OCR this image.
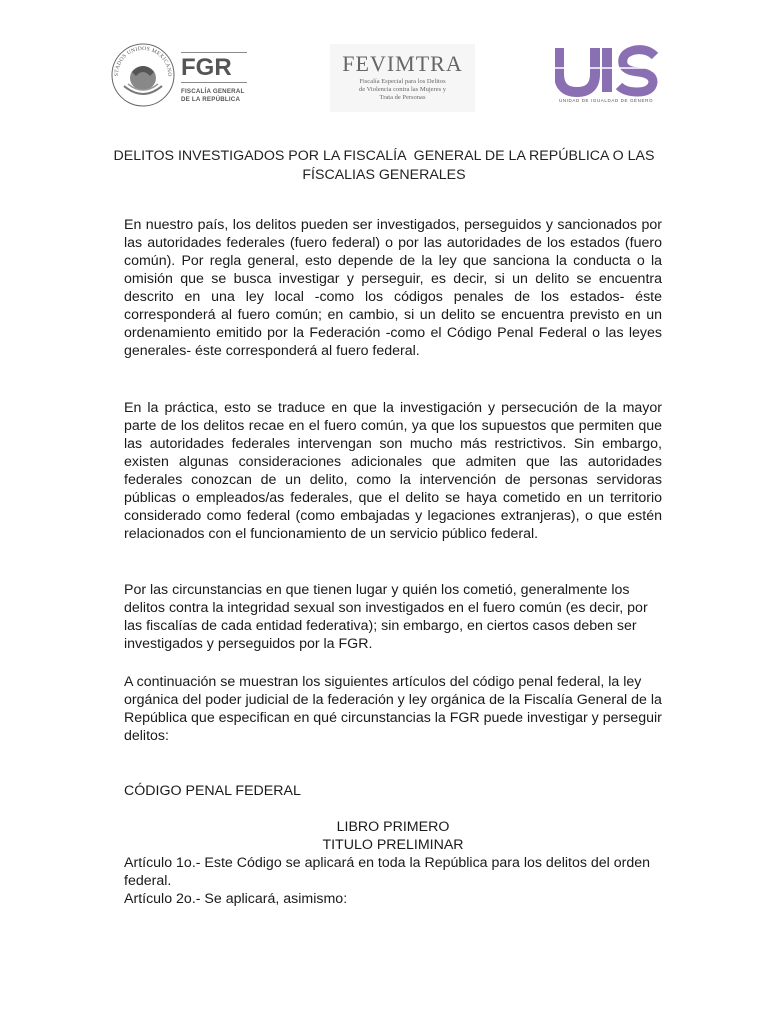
STADOS UNIDOS MEXICANO FGR
FISCALÍA GENERAL
DE LA REPÚBLICA
FEVIMTRA
Fiscalía Especial para los Delitos
de Violencia contra las Mujeres y
Trata de Personas	UNIDAD DE IGUALDAD DE GÉNERO
DELITOS INVESTIGADOS POR LA FISCALÍA  GENERAL DE LA REPÚBLICA O LAS
FÍSCALIAS GENERALES
En nuestro país, los delitos pueden ser investigados, perseguidos y sancionados por las autoridades federales (fuero federal) o por las autoridades de los estados (fuero común). Por regla general, esto depende de la ley que sanciona la conducta o la omisión que se busca investigar y perseguir, es decir, si un delito se encuentra descrito en una ley local -como los códigos penales de los estados- éste corresponderá al fuero común; en cambio, si un delito se encuentra previsto en un ordenamiento emitido por la Federación -como el Código Penal Federal o las leyes generales- éste corresponderá al fuero federal.
En la práctica, esto se traduce en que la investigación y persecución de la mayor parte de los delitos recae en el fuero común, ya que los supuestos que permiten que las autoridades federales intervengan son mucho más restrictivos. Sin embargo, existen algunas consideraciones adicionales que admiten que las autoridades federales conozcan de un delito, como la intervención de personas servidoras públicas o empleados/as federales, que el delito se haya cometido en un territorio considerado como federal (como embajadas y legaciones extranjeras), o que estén relacionados con el funcionamiento de un servicio público federal.
Por las circunstancias en que tienen lugar y quién los cometió, generalmente los delitos contra la integridad sexual son investigados en el fuero común (es decir, por las fiscalías de cada entidad federativa); sin embargo, en ciertos casos deben ser investigados y perseguidos por la FGR.
A continuación se muestran los siguientes artículos del código penal federal, la ley orgánica del poder judicial de la federación y ley orgánica de la Fiscalía General de la República que especifican en qué circunstancias la FGR puede investigar y perseguir delitos:
CÓDIGO PENAL FEDERAL
LIBRO PRIMERO
TITULO PRELIMINAR
Artículo 1o.- Este Código se aplicará en toda la República para los delitos del orden federal.
Artículo 2o.- Se aplicará, asimismo:
